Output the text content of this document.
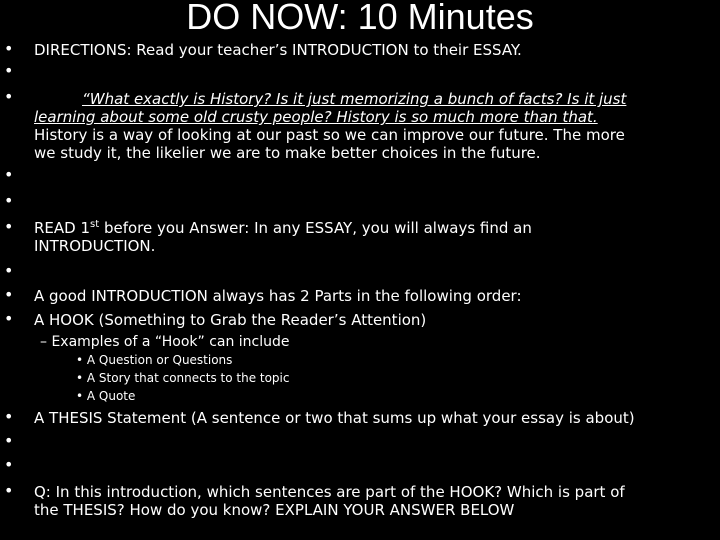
DO NOW: 10 Minutes
•
•
•
•
•
•
•
•
•
•
•
•
•
DIRECTIONS: Read your teacher’s INTRODUCTION to their ESSAY.
“What exactly is History? Is it just memorizing a bunch of facts? Is it just
learning about some old crusty people? History is so much more than that.
History is a way of looking at our past so we can improve our future. The more
we study it, the likelier we are to make better choices in the future.
READ 1st before you Answer: In any ESSAY, you will always find an
INTRODUCTION.
A good INTRODUCTION always has 2 Parts in the following order:
A HOOK (Something to Grab the Reader’s Attention)
– Examples of a “Hook” can include
• A Question or Questions
• A Story that connects to the topic
• A Quote
A THESIS Statement (A sentence or two that sums up what your essay is about)
Q: In this introduction, which sentences are part of the HOOK? Which is part of
the THESIS? How do you know? EXPLAIN YOUR ANSWER BELOW
